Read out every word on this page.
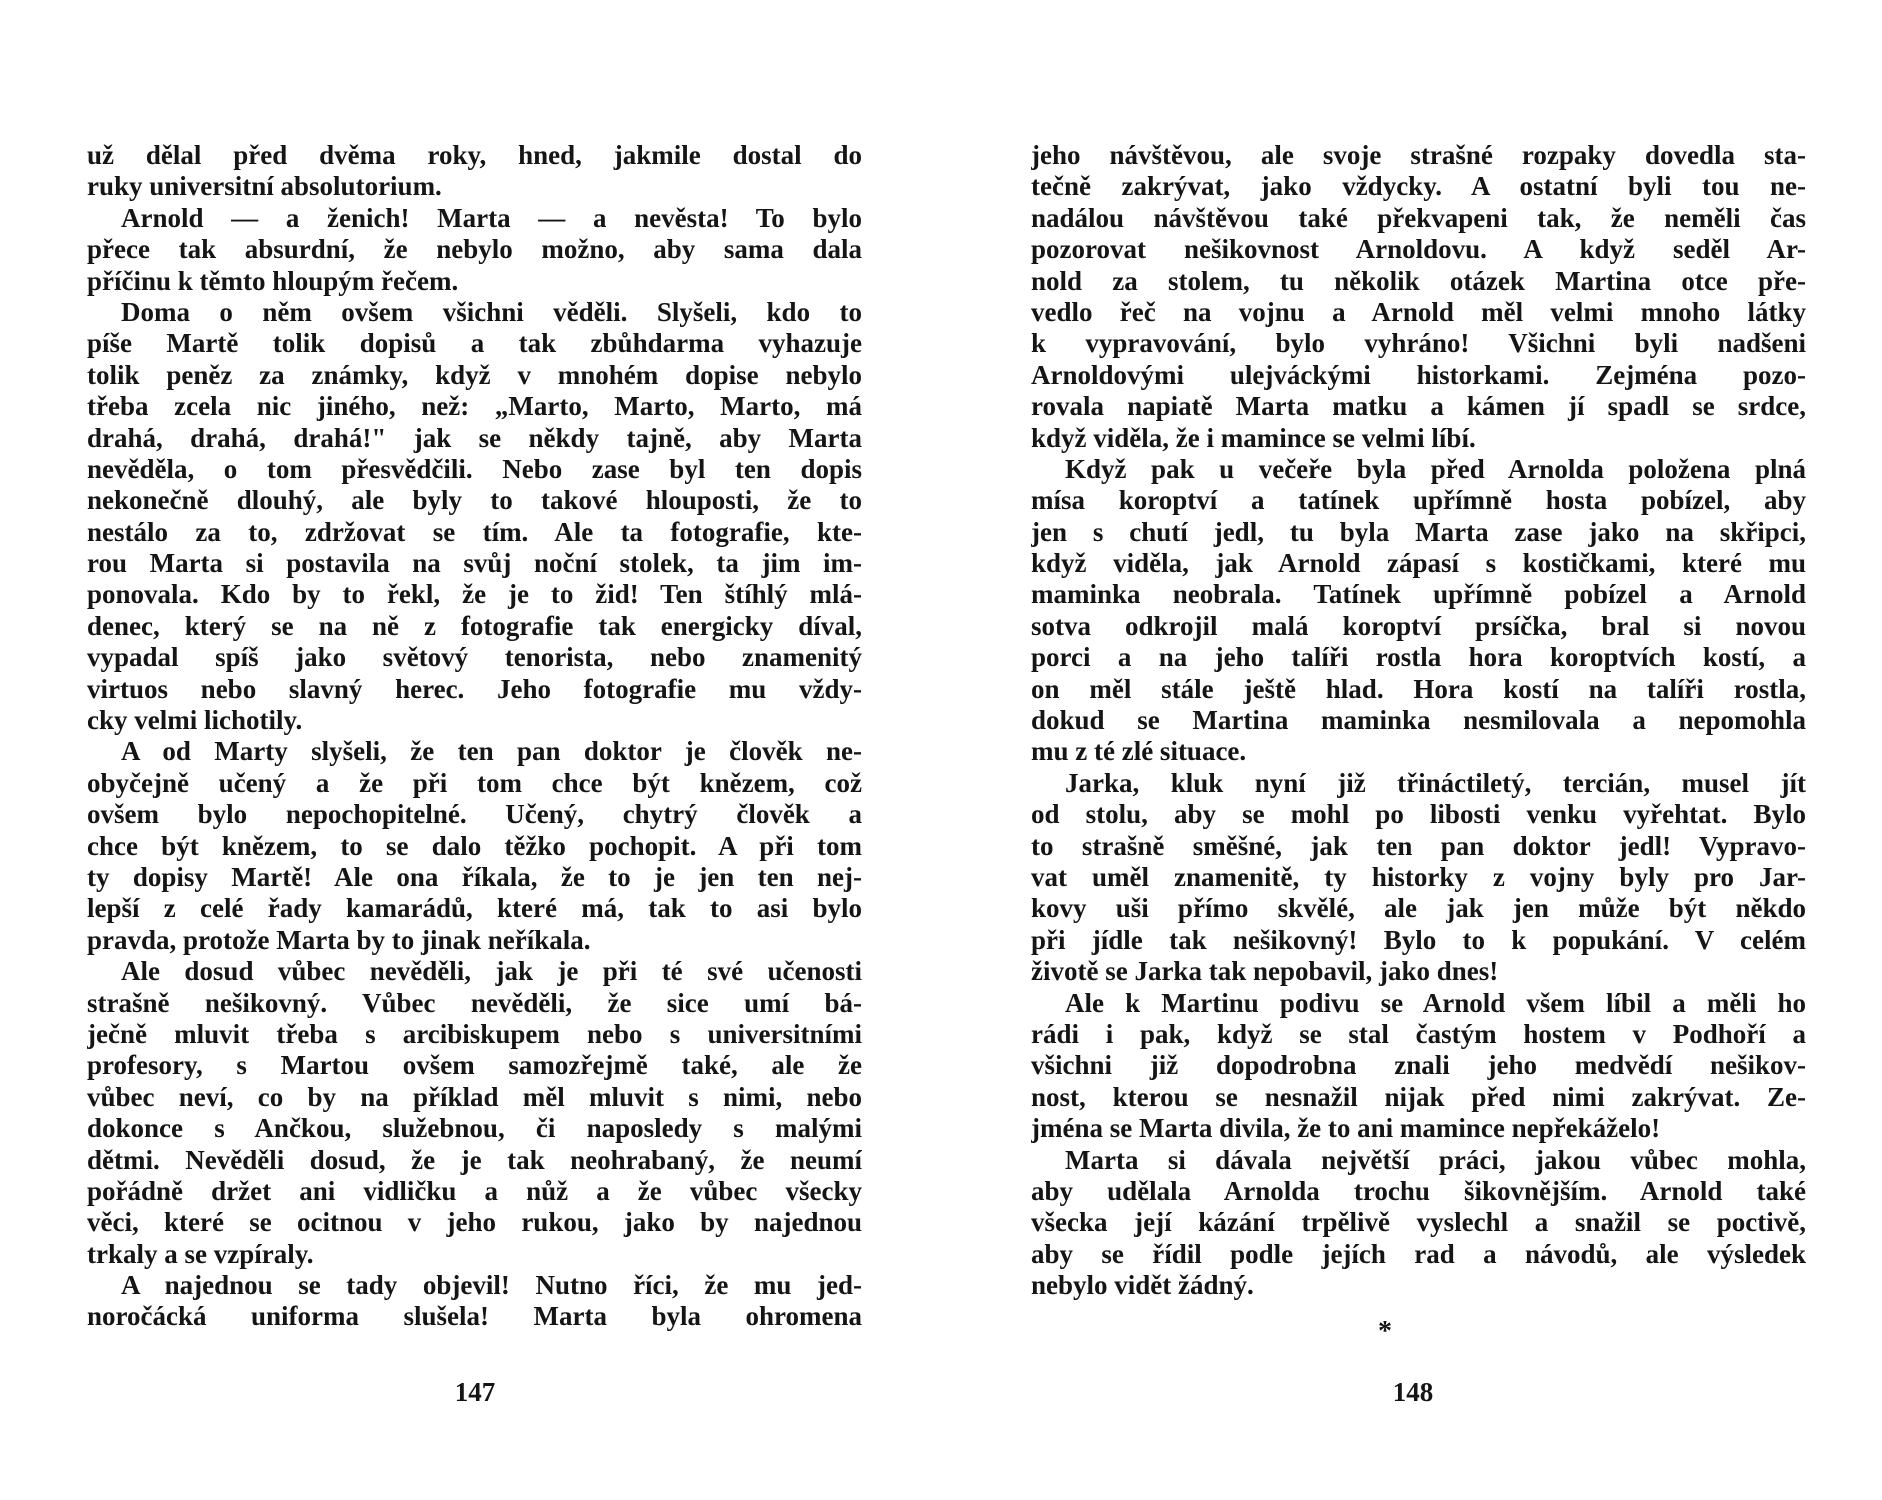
už dělal před dvěma roky, hned, jakmile dostal do
ruky universitní absolutorium.
Arnold — a ženich! Marta — a nevěsta! To bylo
přece tak absurdní, že nebylo možno, aby sama dala
příčinu k těmto hloupým řečem.
Doma o něm ovšem všichni věděli. Slyšeli, kdo to
píše Martě tolik dopisů a tak zbůhdarma vyhazuje
tolik peněz za známky, když v mnohém dopise nebylo
třeba zcela nic jiného, než: „Marto, Marto, Marto, má
drahá, drahá, drahá!" jak se někdy tajně, aby Marta
nevěděla, o tom přesvědčili. Nebo zase byl ten dopis
nekonečně dlouhý, ale byly to takové hlouposti, že to
nestálo za to, zdržovat se tím. Ale ta fotografie, kte-
rou Marta si postavila na svůj noční stolek, ta jim im-
ponovala. Kdo by to řekl, že je to žid! Ten štíhlý mlá-
denec, který se na ně z fotografie tak energicky díval,
vypadal spíš jako světový tenorista, nebo znamenitý
virtuos nebo slavný herec. Jeho fotografie mu vždy-
cky velmi lichotily.
A od Marty slyšeli, že ten pan doktor je člověk ne-
obyčejně učený a že při tom chce být knězem, což
ovšem bylo nepochopitelné. Učený, chytrý člověk a
chce být knězem, to se dalo těžko pochopit. A při tom
ty dopisy Martě! Ale ona říkala, že to je jen ten nej-
lepší z celé řady kamarádů, které má, tak to asi bylo
pravda, protože Marta by to jinak neříkala.
Ale dosud vůbec nevěděli, jak je při té své učenosti
strašně nešikovný. Vůbec nevěděli, že sice umí bá-
ječně mluvit třeba s arcibiskupem nebo s universitními
profesory, s Martou ovšem samozřejmě také, ale že
vůbec neví, co by na příklad měl mluvit s nimi, nebo
dokonce s Ančkou, služebnou, či naposledy s malými
dětmi. Nevěděli dosud, že je tak neohrabaný, že neumí
pořádně držet ani vidličku a nůž a že vůbec všecky
věci, které se ocitnou v jeho rukou, jako by najednou
trkaly a se vzpíraly.
A najednou se tady objevil! Nutno říci, že mu jed-
noročácká uniforma slušela! Marta byla ohromena
147
jeho návštěvou, ale svoje strašné rozpaky dovedla sta-
tečně zakrývat, jako vždycky. A ostatní byli tou ne-
nadálou návštěvou také překvapeni tak, že neměli čas
pozorovat nešikovnost Arnoldovu. A když seděl Ar-
nold za stolem, tu několik otázek Martina otce pře-
vedlo řeč na vojnu a Arnold měl velmi mnoho látky
k vypravování, bylo vyhráno! Všichni byli nadšeni
Arnoldovými ulejváckými historkami. Zejména pozo-
rovala napiatě Marta matku a kámen jí spadl se srdce,
když viděla, že i mamince se velmi líbí.
Když pak u večeře byla před Arnolda položena plná
mísa koroptví a tatínek upřímně hosta pobízel, aby
jen s chutí jedl, tu byla Marta zase jako na skřipci,
když viděla, jak Arnold zápasí s kostičkami, které mu
maminka neobrala. Tatínek upřímně pobízel a Arnold
sotva odkrojil malá koroptví prsíčka, bral si novou
porci a na jeho talíři rostla hora koroptvích kostí, a
on měl stále ještě hlad. Hora kostí na talíři rostla,
dokud se Martina maminka nesmilovala a nepomohla
mu z té zlé situace.
Jarka, kluk nyní již třináctiletý, tercián, musel jít
od stolu, aby se mohl po libosti venku vyřehtat. Bylo
to strašně směšné, jak ten pan doktor jedl! Vypravo-
vat uměl znamenitě, ty historky z vojny byly pro Jar-
kovy uši přímo skvělé, ale jak jen může být někdo
při jídle tak nešikovný! Bylo to k popukání. V celém
životě se Jarka tak nepobavil, jako dnes!
Ale k Martinu podivu se Arnold všem líbil a měli ho
rádi i pak, když se stal častým hostem v Podhoří a
všichni již dopodrobna znali jeho medvědí nešikov-
nost, kterou se nesnažil nijak před nimi zakrývat. Ze-
jména se Marta divila, že to ani mamince nepřekáželo!
Marta si dávala největší práci, jakou vůbec mohla,
aby udělala Arnolda trochu šikovnějším. Arnold také
všecka její kázání trpělivě vyslechl a snažil se poctivě,
aby se řídil podle jejích rad a návodů, ale výsledek
nebylo vidět žádný.
148
*
